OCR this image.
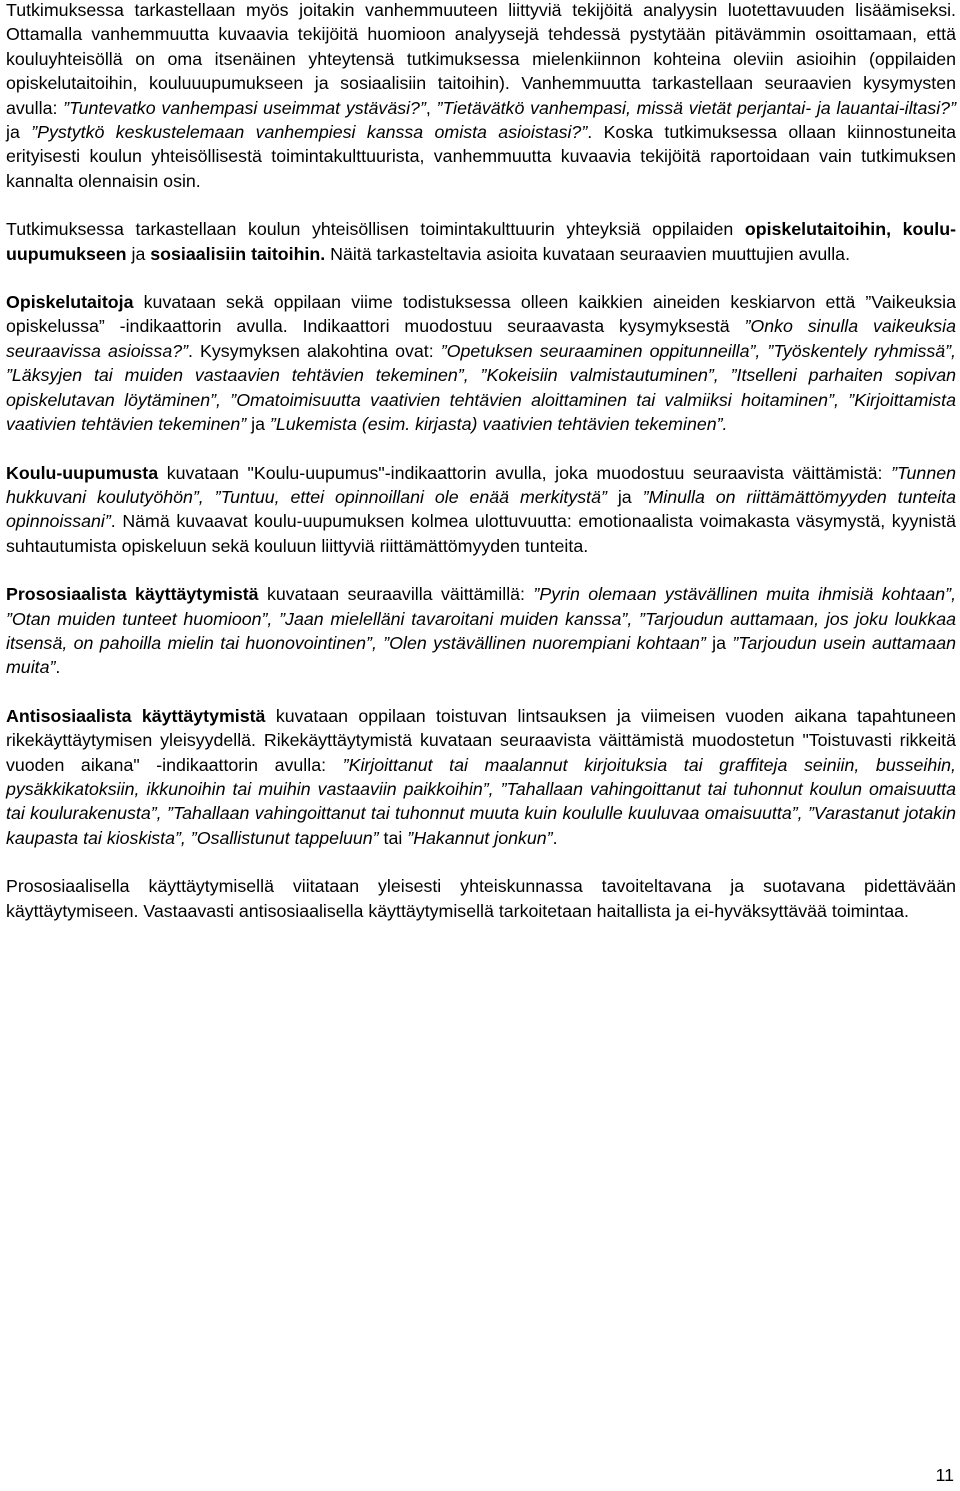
Tutkimuksessa tarkastellaan myös joitakin vanhemmuuteen liittyviä tekijöitä analyysin luotettavuuden lisäämiseksi. Ottamalla vanhemmuutta kuvaavia tekijöitä huomioon analyysejä tehdessä pystytään pitävämmin osoittamaan, että kouluyhteisöllä on oma itsenäinen yhteytensä tutkimuksessa mielenkiinnon kohteina oleviin asioihin (oppilaiden opiskelutaitoihin, kouluuupumukseen ja sosiaalisiin taitoihin). Vanhemmuutta tarkastellaan seuraavien kysymysten avulla: ”Tuntevatko vanhempasi useimmat ystäväsi?”, ”Tietävätkö vanhempasi, missä vietät perjantai- ja lauantai-iltasi?” ja ”Pystytkö keskustelemaan vanhempiesi kanssa omista asioistasi?”. Koska tutkimuksessa ollaan kiinnostuneita erityisesti koulun yhteisöllisestä toimintakulttuurista, vanhemmuutta kuvaavia tekijöitä raportoidaan vain tutkimuksen kannalta olennaisin osin.

Tutkimuksessa tarkastellaan koulun yhteisöllisen toimintakulttuurin yhteyksiä oppilaiden opiskelutaitoihin, koulu-uupumukseen ja sosiaalisiin taitoihin. Näitä tarkasteltavia asioita kuvataan seuraavien muuttujien avulla.

Opiskelutaitoja kuvataan sekä oppilaan viime todistuksessa olleen kaikkien aineiden keskiarvon että ”Vaikeuksia opiskelussa” -indikaattorin avulla. Indikaattori muodostuu seuraavasta kysymyksestä ”Onko sinulla vaikeuksia seuraavissa asioissa?”. Kysymyksen alakohtina ovat: ”Opetuksen seuraaminen oppitunneilla”, ”Työskentely ryhmissä”, ”Läksyjen tai muiden vastaavien tehtävien tekeminen”, ”Kokeisiin valmistautuminen”, ”Itselleni parhaiten sopivan opiskelutavan löytäminen”, ”Omatoimisuutta vaativien tehtävien aloittaminen tai valmiiksi hoitaminen”, ”Kirjoittamista vaativien tehtävien tekeminen” ja ”Lukemista (esim. kirjasta) vaativien tehtävien tekeminen”.

Koulu-uupumusta kuvataan "Koulu-uupumus"-indikaattorin avulla, joka muodostuu seuraavista väittämistä: ”Tunnen hukkuvani koulutyöhön”, ”Tuntuu, ettei opinnoillani ole enää merkitystä” ja ”Minulla on riittämättömyyden tunteita opinnoissani”. Nämä kuvaavat koulu-uupumuksen kolmea ulottuvuutta: emotionaalista voimakasta väsymystä, kyynistä suhtautumista opiskeluun sekä kouluun liittyviä riittämättömyyden tunteita.

Prososiaalista käyttäytymistä kuvataan seuraavilla väittämillä: ”Pyrin olemaan ystävällinen muita ihmisiä kohtaan”, ”Otan muiden tunteet huomioon”, ”Jaan mielelläni tavaroitani muiden kanssa”, ”Tarjoudun auttamaan, jos joku loukkaa itsensä, on pahoilla mielin tai huonovointinen”, ”Olen ystävällinen nuorempiani kohtaan” ja ”Tarjoudun usein auttamaan muita”.

Antisosiaalista käyttäytymistä kuvataan oppilaan toistuvan lintsauksen ja viimeisen vuoden aikana tapahtuneen rikekäyttäytymisen yleisyydellä. Rikekäyttäytymistä kuvataan seuraavista väittämistä muodostetun "Toistuvasti rikkeitä vuoden aikana" -indikaattorin avulla: ”Kirjoittanut tai maalannut kirjoituksia tai graffiteja seiniin, busseihin, pysäkkikatoksiin, ikkunoihin tai muihin vastaaviin paikkoihin”, ”Tahallaan vahingoittanut tai tuhonnut koulun omaisuutta tai koulurakenusta”, ”Tahallaan vahingoittanut tai tuhonnut muuta kuin koululle kuuluvaa omaisuutta”, ”Varastanut jotakin kaupasta tai kioskista”, ”Osallistunut tappeluun” tai ”Hakannut jonkun”.

Prososiaalisella käyttäytymisellä viitataan yleisesti yhteiskunnassa tavoiteltavana ja suotavana pidettävään käyttäytymiseen. Vastaavasti antisosiaalisella käyttäytymisellä tarkoitetaan haitallista ja ei-hyväksyttävää toimintaa.

11
